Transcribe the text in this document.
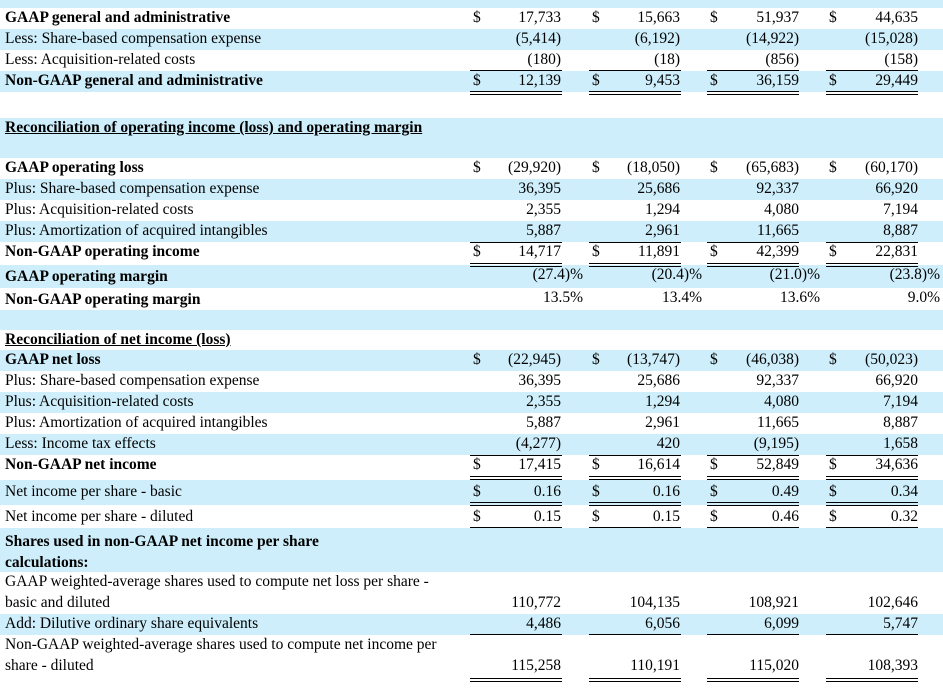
GAAP general and administrative	$ 17,733 $ 15,663 $ 51,937 $ 44,635
Less: Share-based compensation expense	(5,414)	(6,192)	(14,922)	(15,028)
Less: Acquisition-related costs	(180)	(18)	(856)	(158)
Non-GAAP general and administrative	$ 12,139 $	9,453 $ 36,159 $ 29,449
Reconciliation of operating income (loss) and operating margin
GAAP operating loss	$ (29,920) $ (18,050) $ (65,683) $ (60,170)
Plus: Share-based compensation expense	36,395	25,686	92,337	66,920
Plus: Acquisition-related costs	2,355	1,294	4,080	7,194
Plus: Amortization of acquired intangibles	5,887	2,961	11,665	8,887
Non-GAAP operating income	$ 14,717 $ 11,891 $ 42,399 $ 22,831
GAAP operating margin	(27.4)%	(20.4)%	(21.0)%	(23.8)%
Non-GAAP operating margin	13.5%	13.4%	13.6%	9.0%
Reconciliation of net income (loss)
GAAP net loss	$ (22,945) $ (13,747) $ (46,038) $ (50,023)
Plus: Share-based compensation expense	36,395	25,686	92,337	66,920
Plus: Acquisition-related costs	2,355	1,294	4,080	7,194
Plus: Amortization of acquired intangibles	5,887	2,961	11,665	8,887
Less: Income tax effects	(4,277)	420	(9,195)	1,658
Non-GAAP net income	$ 17,415 $ 16,614 $ 52,849 $ 34,636
Net income per share - basic	$	0.16 $	0.16 $	0.49 $	0.34
Net income per share - diluted	$	0.15 $	0.15 $	0.46 $	0.32
Shares used in non-GAAP net income per share calculations:
GAAP weighted-average shares used to compute net loss per share - basic and diluted	110,772	104,135	108,921	102,646
Add: Dilutive ordinary share equivalents	4,486	6,056	6,099	5,747
Non-GAAP weighted-average shares used to compute net income per share - diluted	115,258	110,191	115,020	108,393
